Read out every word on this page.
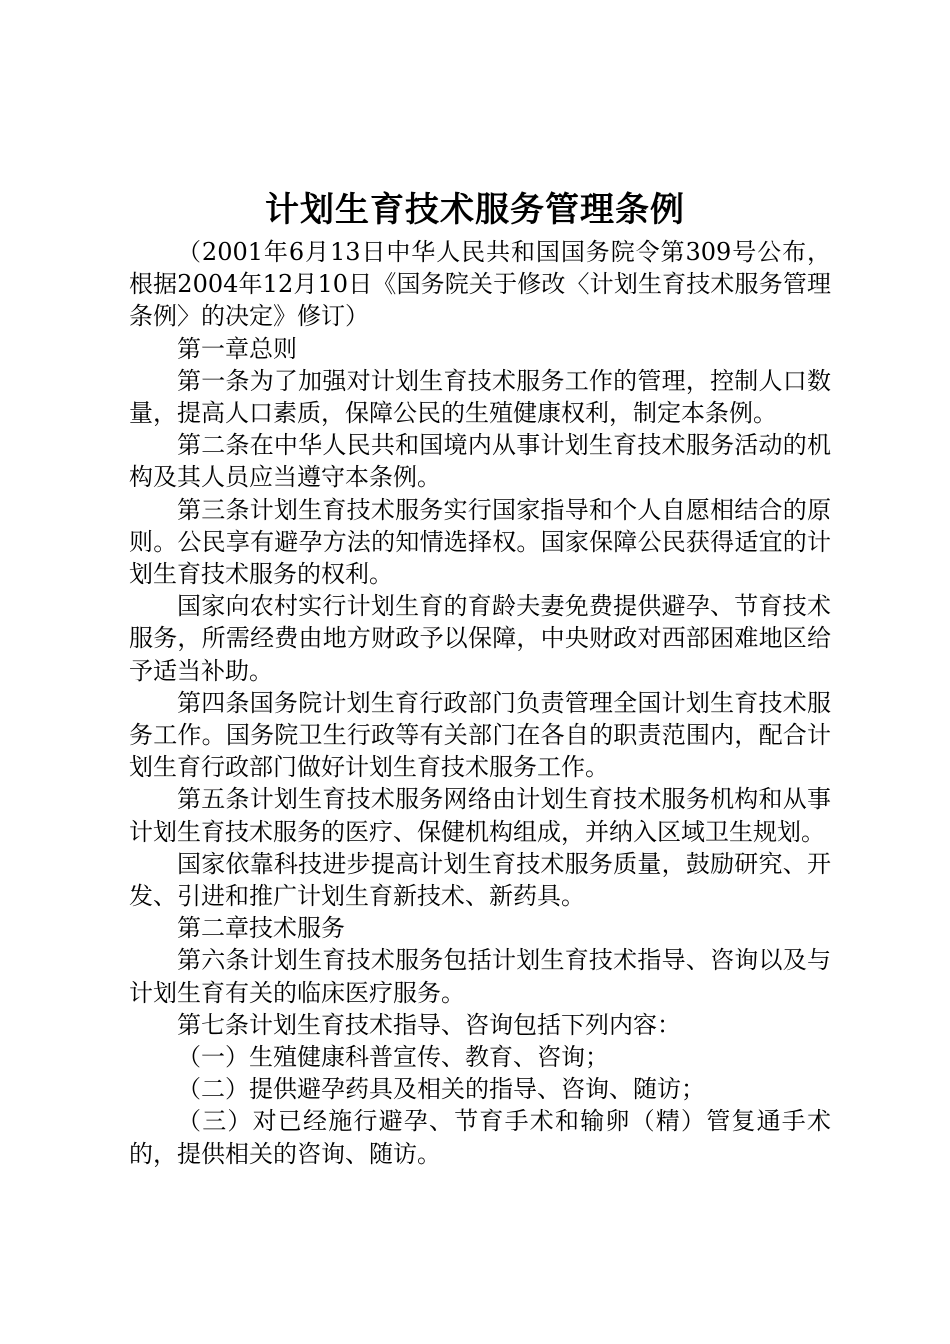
计划生育技术服务管理条例

（2001年6月13日中华人民共和国国务院令第309号公布，根据2004年12月10日《国务院关于修改〈计划生育技术服务管理条例〉的决定》修订）

第一章总则

第一条为了加强对计划生育技术服务工作的管理，控制人口数量，提高人口素质，保障公民的生殖健康权利，制定本条例。

第二条在中华人民共和国境内从事计划生育技术服务活动的机构及其人员应当遵守本条例。

第三条计划生育技术服务实行国家指导和个人自愿相结合的原则。公民享有避孕方法的知情选择权。国家保障公民获得适宜的计划生育技术服务的权利。

国家向农村实行计划生育的育龄夫妻免费提供避孕、节育技术服务，所需经费由地方财政予以保障，中央财政对西部困难地区给予适当补助。

第四条国务院计划生育行政部门负责管理全国计划生育技术服务工作。国务院卫生行政等有关部门在各自的职责范围内，配合计划生育行政部门做好计划生育技术服务工作。

第五条计划生育技术服务网络由计划生育技术服务机构和从事计划生育技术服务的医疗、保健机构组成，并纳入区域卫生规划。

国家依靠科技进步提高计划生育技术服务质量，鼓励研究、开发、引进和推广计划生育新技术、新药具。

第二章技术服务

第六条计划生育技术服务包括计划生育技术指导、咨询以及与计划生育有关的临床医疗服务。

第七条计划生育技术指导、咨询包括下列内容：

（一）生殖健康科普宣传、教育、咨询；

（二）提供避孕药具及相关的指导、咨询、随访；

（三）对已经施行避孕、节育手术和输卵（精）管复通手术的，提供相关的咨询、随访。
